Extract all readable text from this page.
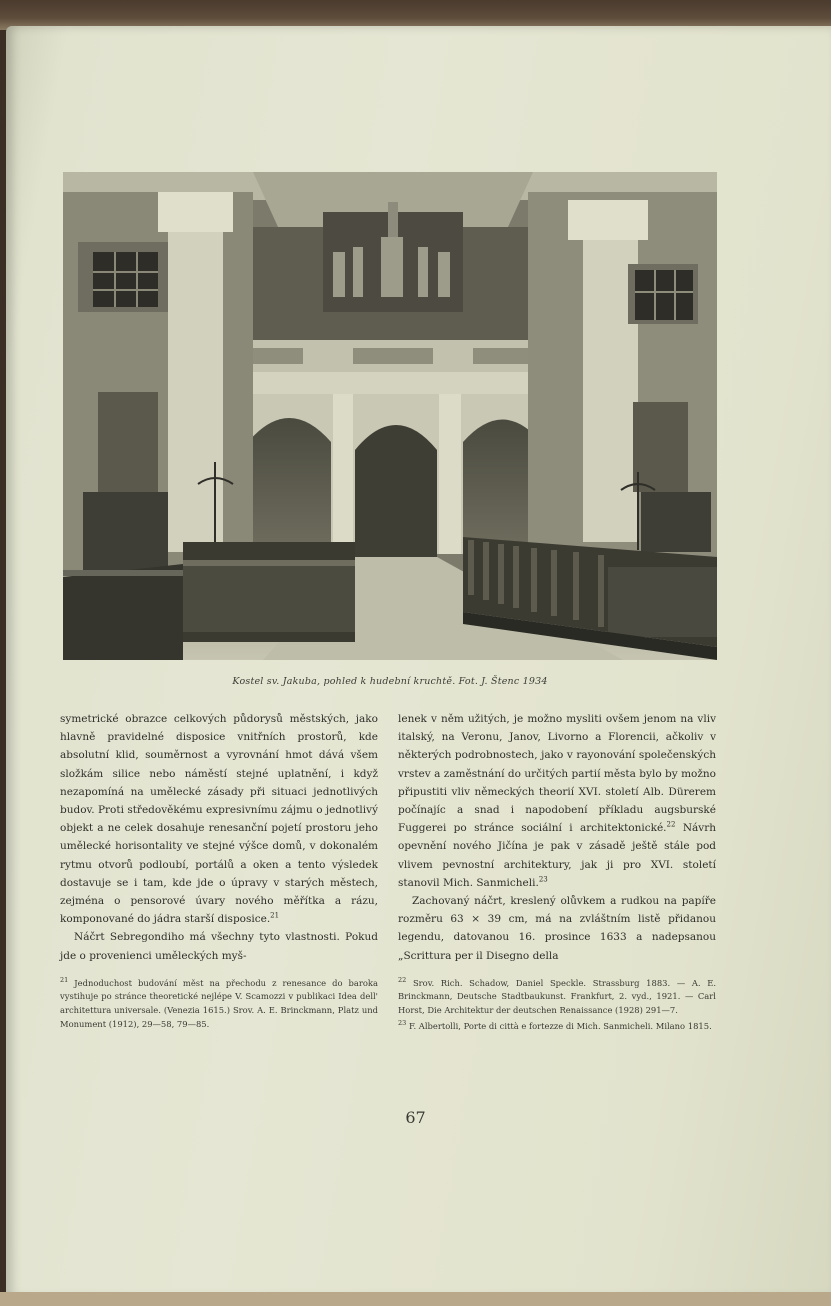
Kostel sv. Jakuba, pohled k hudební kruchtě. Fot. J. Štenc 1934

symetrické obrazce celkových půdorysů městských, jako hlavně pravidelné disposice vnitřních prostorů, kde absolutní klid, souměrnost a vyrovnání hmot dává všem složkám silice nebo náměstí stejné uplatnění, i když nezapomíná na umělecké zásady při situaci jednotlivých budov. Proti středověkému expresivnímu zájmu o jednotlivý objekt a ne celek dosahuje renesanční pojetí prostoru jeho umělecké horisontality ve stejné výšce domů, v dokonalém rytmu otvorů podloubí, portálů a oken a tento výsledek dostavuje se i tam, kde jde o úpravy v starých městech, zejména o pensorové úvary nového měřítka a rázu, komponované do jádra starší disposice.$^{21}$

Náčrt Sebregondiho má všechny tyto vlastnosti. Pokud jde o provenienci uměleckých myš-

$^{21}$ Jednoduchost budování měst na přechodu z renesance do baroka vystihuje po stránce theoretické nejlépe V. Scamozzi v publikaci Idea dell' architettura universale. (Venezia 1615.) Srov. A. E. Brinckmann, Platz und Monument (1912), 29—58, 79—85.

lenek v něm užitých, je možno mysliti ovšem jenom na vliv italský, na Veronu, Janov, Livorno a Florencii, ačkoliv v některých podrobnostech, jako v rayonování společenských vrstev a zaměstnání do určitých partií města bylo by možno připustiti vliv německých theorií XVI. století Alb. Dürerem počínajíc a snad i napodobení příkladu augsburské Fuggerei po stránce sociální i architektonické.$^{22}$ Návrh opevnění nového Jičína je pak v zásadě ještě stále pod vlivem pevnostní architektury, jak ji pro XVI. století stanovil Mich. Sanmicheli.$^{23}$

Zachovaný náčrt, kreslený olůvkem a rudkou na papíře rozměru 63 × 39 cm, má na zvláštním listě přidanou legendu, datovanou 16. prosince 1633 a nadepsanou „Scrittura per il Disegno della

$^{22}$ Srov. Rich. Schadow, Daniel Speckle. Strassburg 1883. — A. E. Brinckmann, Deutsche Stadtbaukunst. Frankfurt, 2. vyd., 1921. — Carl Horst, Die Architektur der deutschen Renaissance (1928) 291—7.

$^{23}$ F. Albertolli, Porte di città e fortezze di Mich. Sanmicheli. Milano 1815.

67
